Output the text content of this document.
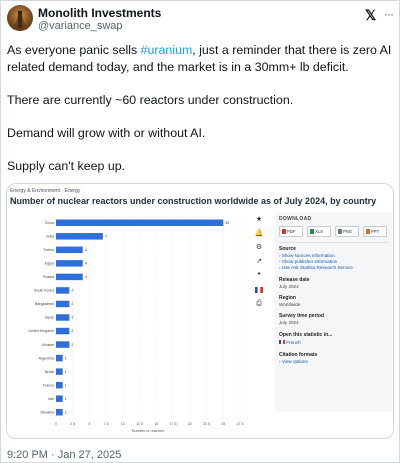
Monolith Investments
@variance_swap
𝕏 ···
As everyone panic sells #uranium, just a reminder that there is zero AI
related demand today, and the market is in a 30mm+ lb deficit.
There are currently ~60 reactors under construction.
Demand will grow with or without AI.
Supply can't keep up.
Energy & Environment › Energy
Number of nuclear reactors under construction worldwide as of July 2024, by country
0	2.5	5	7.5	10	12.5	15	17.5	20	22.5	25	27.5
China	25
India	7
Turkey	4
Egypt	4
Russia	4
South Korea	2
Bangladesh	2
Japan	2
United Kingdom	2
Ukraine	2
Argentina	1
Brazil	1
France	1
Iran	1
Slovakia	1
Number of reactors
★
🔔
⚙
↗
❝
⎙
DOWNLOAD
PDF	XLS	PNG	PPT
Source
› Show sources information
› Show publisher information
› Use Ask Statista Research Service
Release date
July 2024
Region
Worldwide
Survey time period
July 2024
Open this statistic in...
French
Citation formats
› View options
9:20 PM · Jan 27, 2025
